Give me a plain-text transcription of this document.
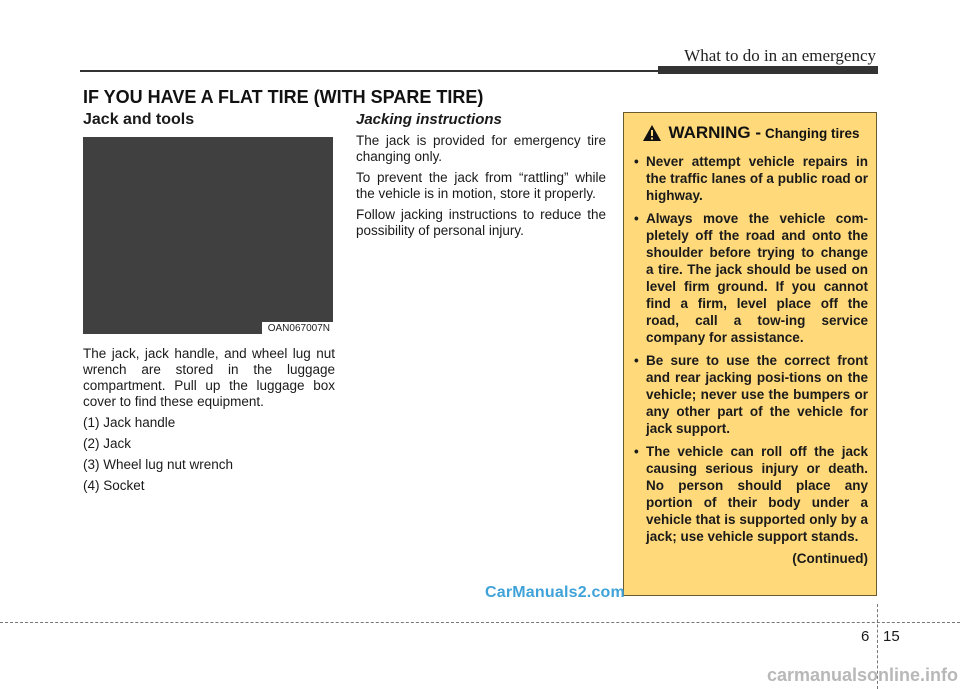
What to do in an emergency
IF YOU HAVE A FLAT TIRE (WITH SPARE TIRE)
Jack and tools
OAN067007N

The jack, jack handle, and wheel lug nut wrench are stored in the luggage compartment. Pull up the luggage box cover to find these equipment.

(1) Jack handle

(2) Jack

(3) Wheel lug nut wrench

(4) Socket

Jacking instructions

The jack is provided for emergency tire changing only.

To prevent the jack from “rattling” while the vehicle is in motion, store it properly.

Follow jacking instructions to reduce the possibility of personal injury.

WARNING - Changing tires
• Never attempt vehicle repairs in the traffic lanes of a public road or highway.
• Always move the vehicle com-pletely off the road and onto the shoulder before trying to change a tire. The jack should be used on level firm ground. If you cannot find a firm, level place off the road, call a tow-ing service company for assistance.
• Be sure to use the correct front and rear jacking posi-tions on the vehicle; never use the bumpers or any other part of the vehicle for jack support.
• The vehicle can roll off the jack causing serious injury or death. No person should place any portion of their body under a vehicle that is supported only by a jack; use vehicle support stands.
(Continued)
CarManuals2.com
6 15
carmanualsonline.info
